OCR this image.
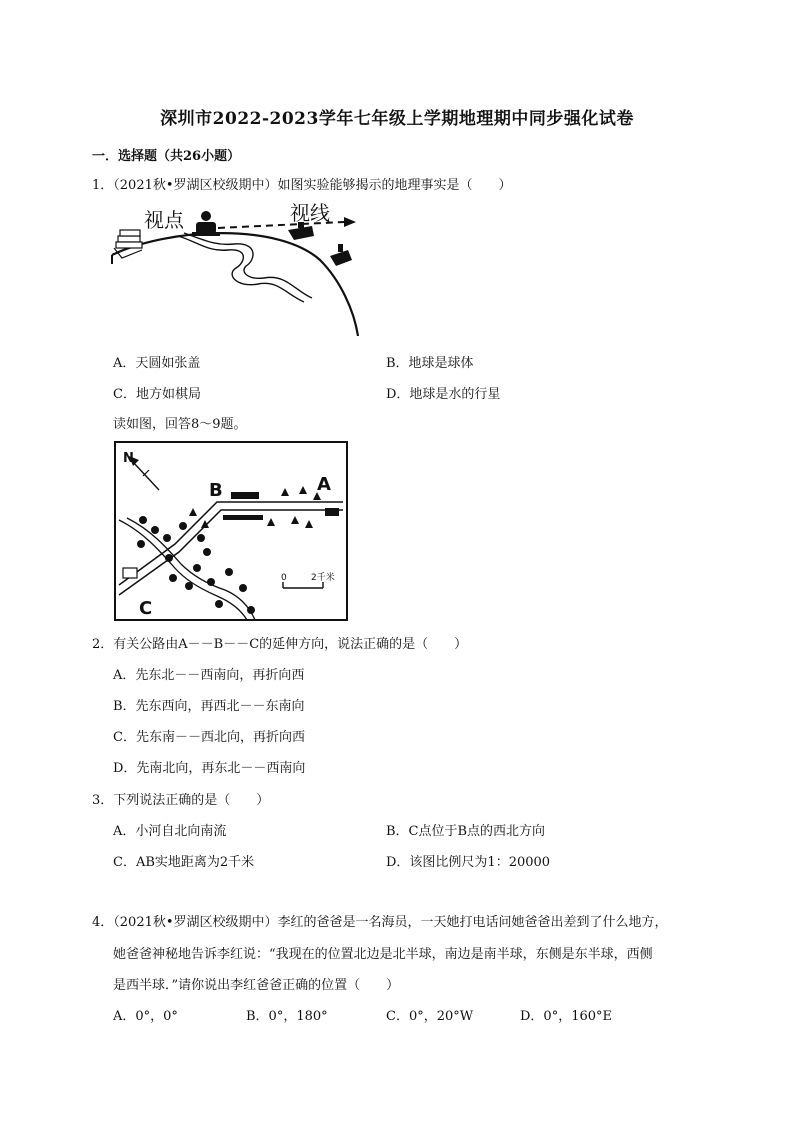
深圳市2022-2023学年七年级上学期地理期中同步强化试卷
一．选择题（共26小题）
1．（2021秋•罗湖区校级期中）如图实验能够揭示的地理事实是（　　）
视点	视线
A．天圆如张盖	B．地球是球体
C．地方如棋局	D．地球是水的行星
读如图，回答8～9题。
N
0	2千米
A
B
C
2．有关公路由A－－B－－C的延伸方向，说法正确的是（　　）
A．先东北－－西南向，再折向西
B．先东西向，再西北－－东南向
C．先东南－－西北向，再折向西
D．先南北向，再东北－－西南向
3．下列说法正确的是（　　）
A．小河自北向南流	B．C点位于B点的西北方向
C．AB实地距离为2千米	D．该图比例尺为1：20000
4．（2021秋•罗湖区校级期中）李红的爸爸是一名海员，一天她打电话问她爸爸出差到了什么地方，
她爸爸神秘地告诉李红说：“我现在的位置北边是北半球，南边是南半球，东侧是东半球，西侧
是西半球．”请你说出李红爸爸正确的位置（　　）
A．0°，0°	B．0°，180°	C．0°，20°W	D．0°，160°E
